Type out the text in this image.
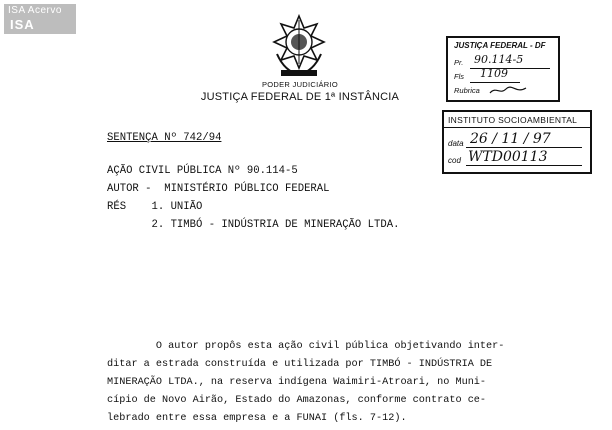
ISA Acervo
ISA
PODER JUDICIÁRIO
JUSTIÇA FEDERAL DE 1ª INSTÂNCIA
JUSTIÇA FEDERAL - DF
Pr. 90.114-5
Fls 1109
Rubrica
INSTITUTO SOCIOAMBIENTAL
data 26 / 11 / 97
cod WTD00113
SENTENÇA Nº 742/94
AÇÃO CIVIL PÚBLICA Nº 90.114-5
AUTOR -  MINISTÉRIO PÚBLICO FEDERAL
RÉS    1. UNIÃO
2. TIMBÓ - INDÚSTRIA DE MINERAÇÃO LTDA.
O autor propôs esta ação civil pública objetivando inter-
ditar a estrada construída e utilizada por TIMBÓ - INDÚSTRIA DE
MINERAÇÃO LTDA., na reserva indígena Waimiri-Atroari, no Muni-
cípio de Novo Airão, Estado do Amazonas, conforme contrato ce-
lebrado entre essa empresa e a FUNAI (fls. 7-12).
